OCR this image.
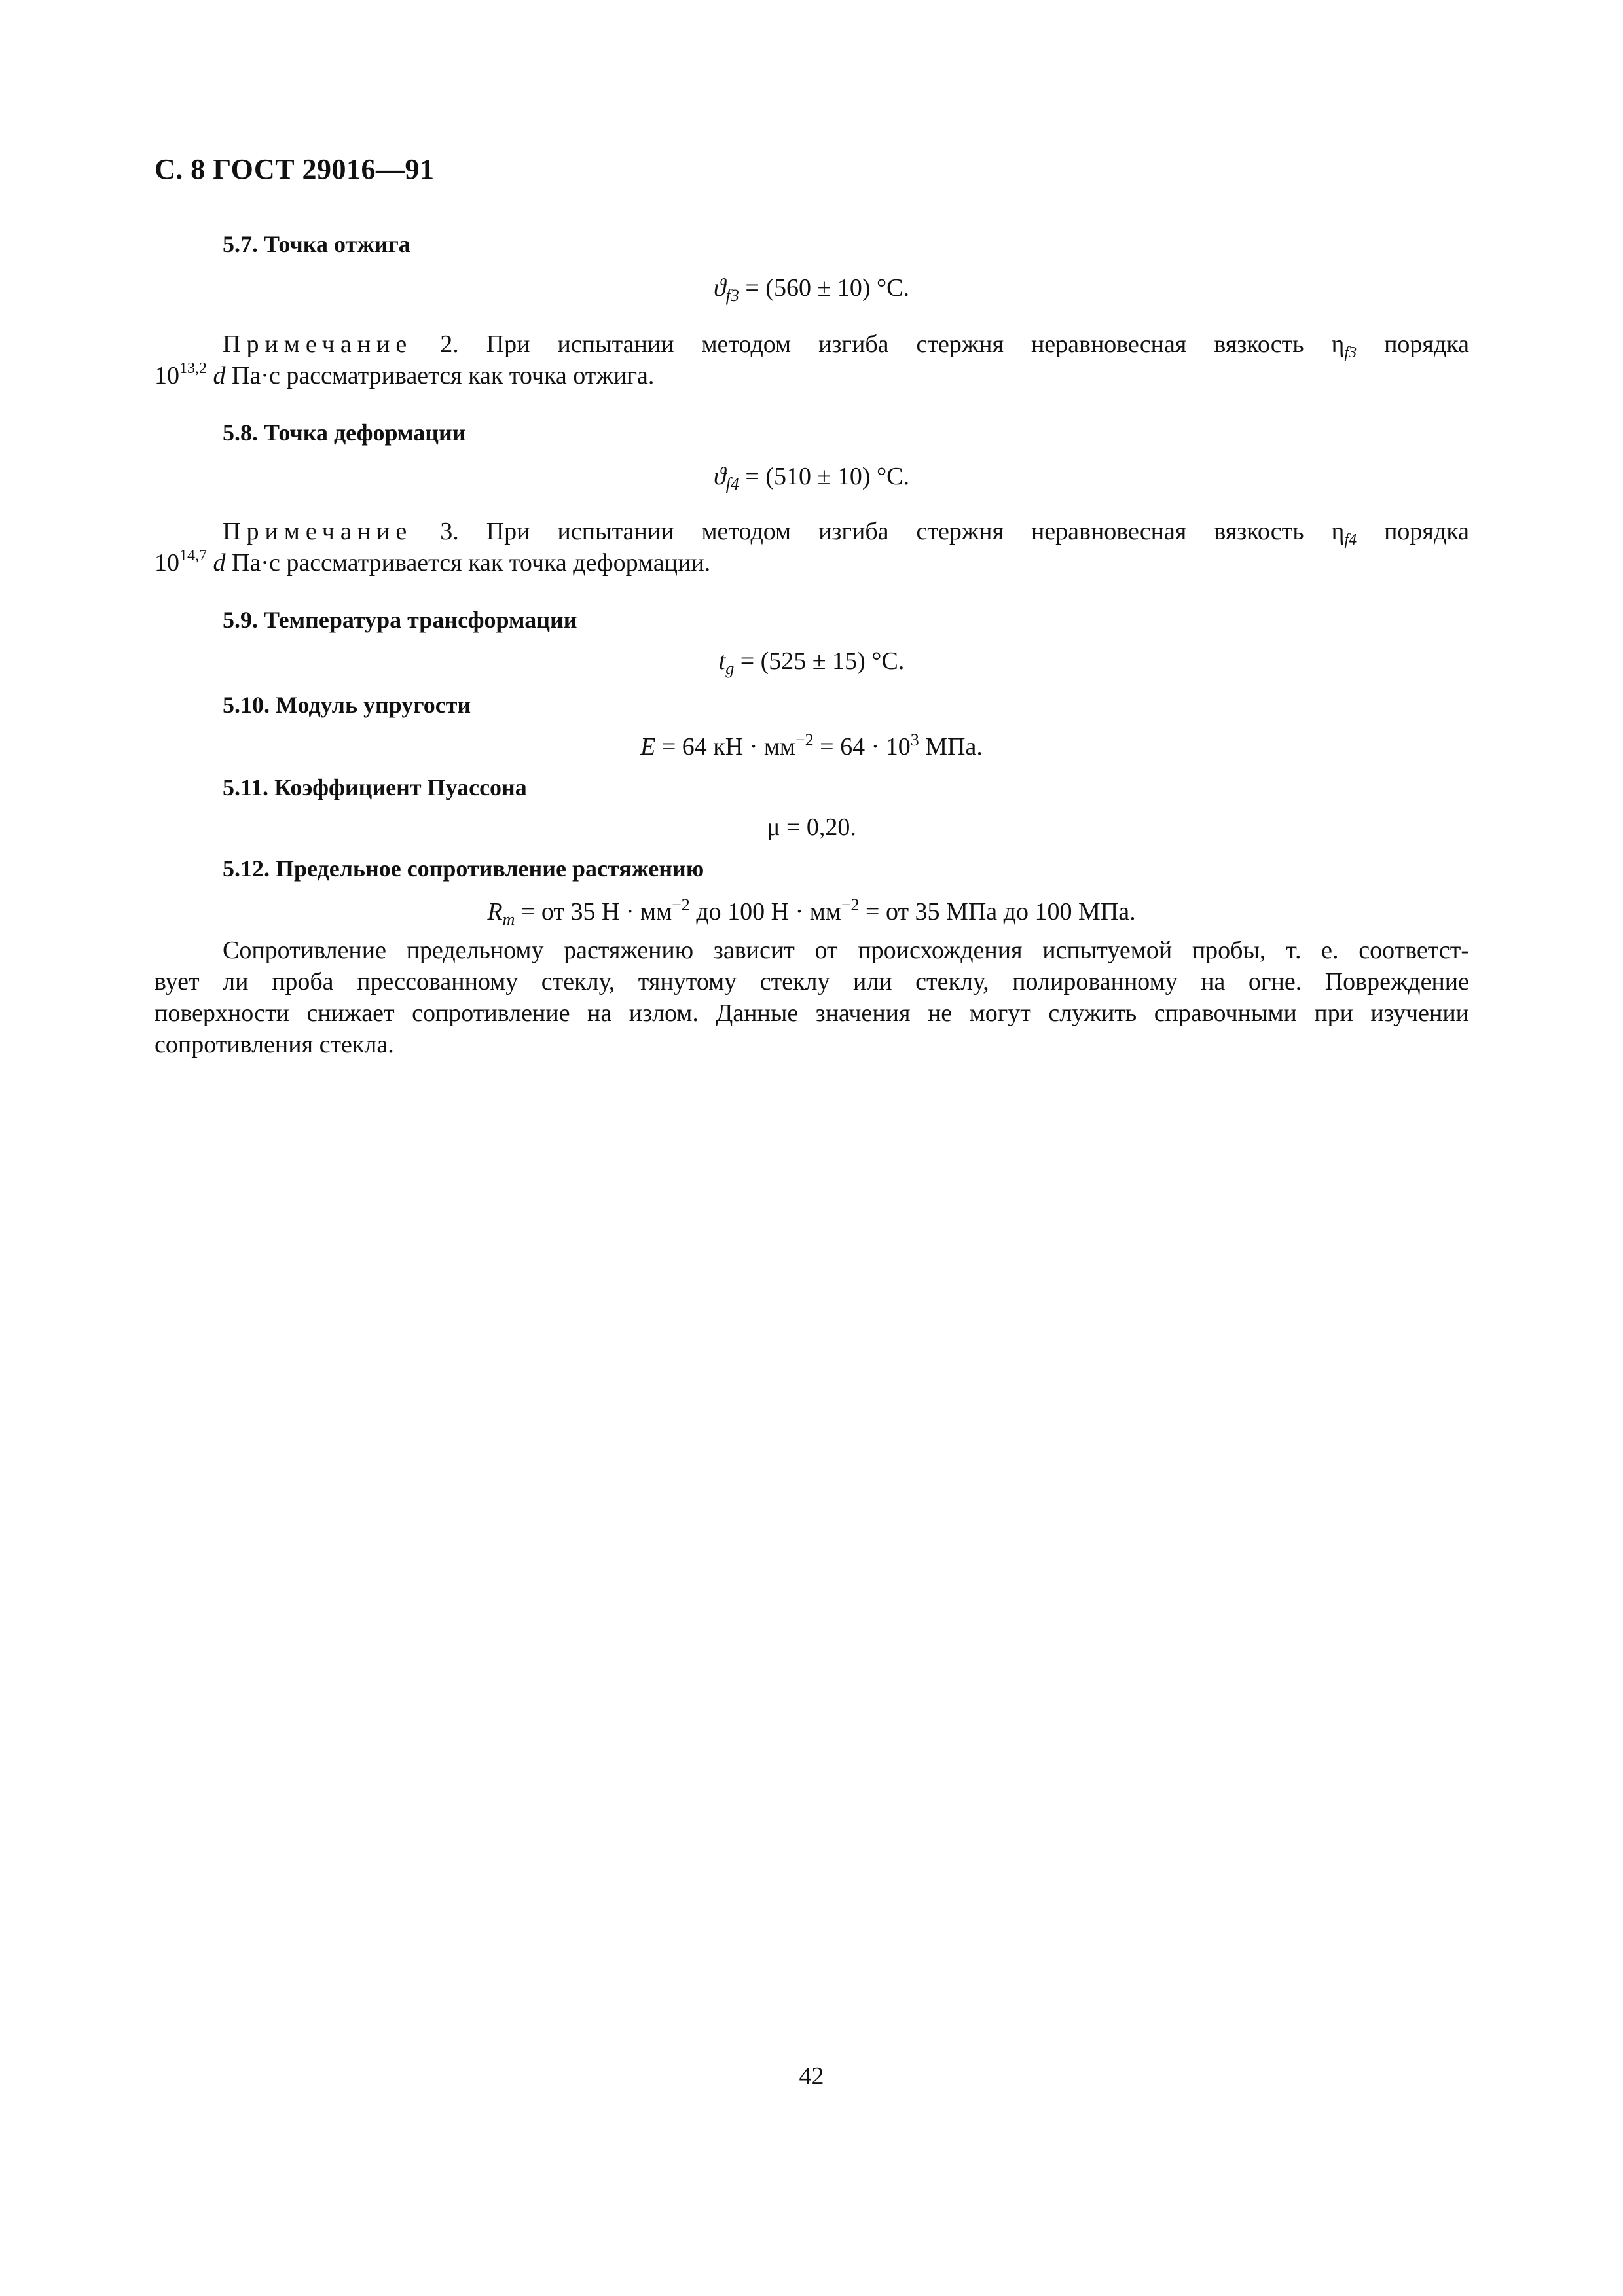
С. 8 ГОСТ 29016—91
5.7. Точка отжига
$ϑ_{f3} = (560 \pm 10)$ °С.
Примечание 2. При испытании методом изгиба стержня неравновесная вязкость $\eta_{f3}$ порядка
10$^{13,2}$ d Па·с рассматривается как точка отжига.
5.8. Точка деформации
$ϑ_{f4} = (510 \pm 10)$ °С.
Примечание 3. При испытании методом изгиба стержня неравновесная вязкость $\eta_{f4}$ порядка
10$^{14,7}$ d Па·с рассматривается как точка деформации.
5.9. Температура трансформации
$t_g = (525 \pm 15)$ °С.
5.10. Модуль упругости
E = 64 кН · $мм^{-2} = 64 \cdot 10^3$ МПа.
5.11. Коэффициент Пуассона
μ = 0,20.
5.12. Предельное сопротивление растяжению
$R_m$ = от 35 $Н \cdot мм^{-2}$ до 100 $Н \cdot мм^{-2}$ = от 35 МПа до 100 МПа.
Сопротивление предельному растяжению зависит от происхождения испытуемой пробы, т. е. соответст-
вует ли проба прессованному стеклу, тянутому стеклу или стеклу, полированному на огне. Повреждение
поверхности снижает сопротивление на излом. Данные значения не могут служить справочными при изучении
сопротивления стекла.
42
